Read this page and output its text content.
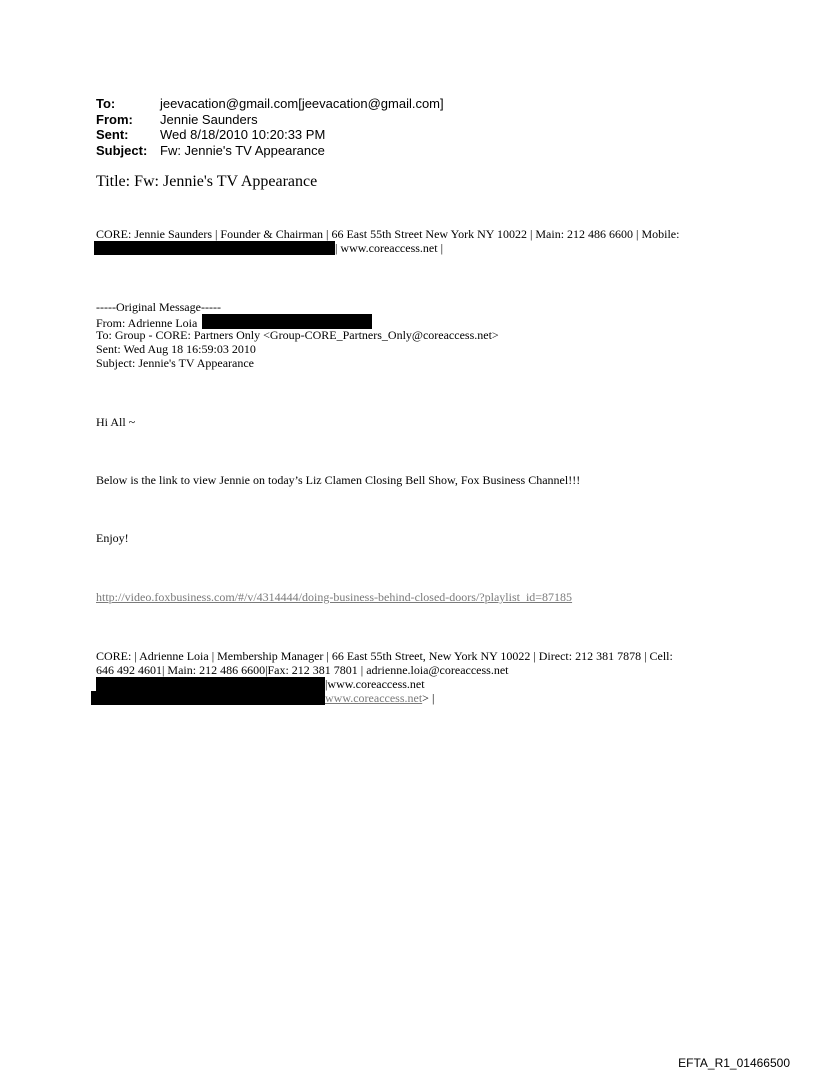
To:	jeevacation@gmail.com[jeevacation@gmail.com]
From:	Jennie Saunders
Sent:	Wed 8/18/2010 10:20:33 PM
Subject: Fw: Jennie's TV Appearance
Title: Fw: Jennie's TV Appearance
CORE: Jennie Saunders | Founder & Chairman | 66 East 55th Street New York NY 10022 | Main: 212 486 6600 | Mobile:
| www.coreaccess.net |
-----Original Message-----
From: Adrienne Loia
To: Group - CORE: Partners Only <Group-CORE_Partners_Only@coreaccess.net>
Sent: Wed Aug 18 16:59:03 2010
Subject: Jennie's TV Appearance
Hi All ~
Below is the link to view Jennie on today’s Liz Clamen Closing Bell Show, Fox Business Channel!!!
Enjoy!
http://video.foxbusiness.com/#/v/4314444/doing-business-behind-closed-doors/?playlist_id=87185
CORE: | Adrienne Loia | Membership Manager | 66 East 55th Street, New York NY 10022 | Direct: 212 381 7878 | Cell:
646 492 4601| Main: 212 486 6600|Fax: 212 381 7801 | adrienne.loia@coreaccess.net
|www.coreaccess.net
www.coreaccess.net> |
EFTA_R1_01466500
